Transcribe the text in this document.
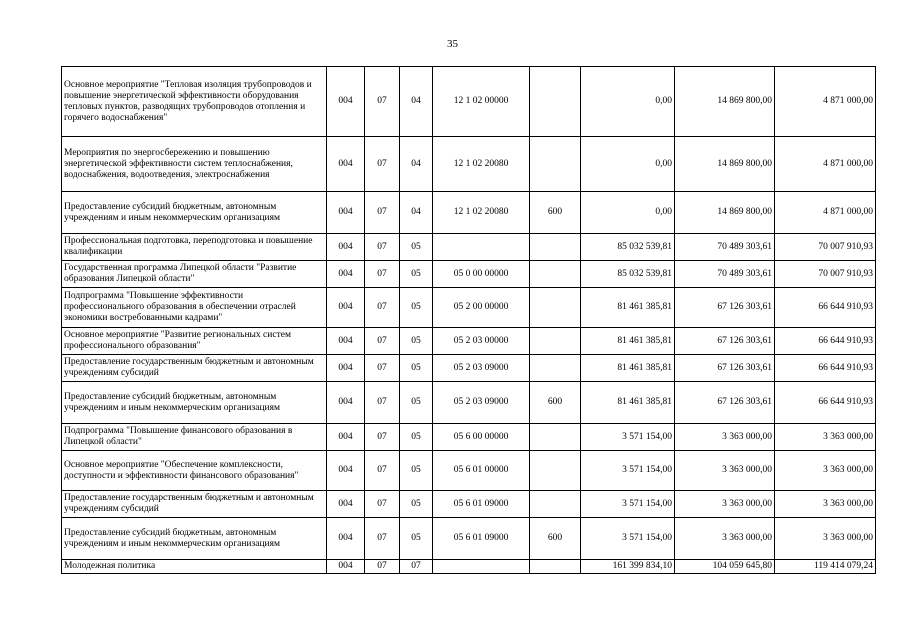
35
Основное мероприятие "Тепловая изоляция трубопроводов и повышение энергетической эффективности оборудования тепловых пунктов, разводящих трубопроводов отопления и горячего водоснабжения"	004	07	04	12 1 02 00000		0,00	14 869 800,00	4 871 000,00
Мероприятия по энергосбережению и повышению энергетической эффективности систем теплоснабжения, водоснабжения, водоотведения, электроснабжения	004	07	04	12 1 02 20080		0,00	14 869 800,00	4 871 000,00
Предоставление субсидий бюджетным, автономным учреждениям и иным некоммерческим организациям	004	07	04	12 1 02 20080	600	0,00	14 869 800,00	4 871 000,00
Профессиональная подготовка, переподготовка и повышение квалификации	004	07	05			85 032 539,81	70 489 303,61	70 007 910,93
Государственная программа Липецкой области "Развитие образования Липецкой области"	004	07	05	05 0 00 00000		85 032 539,81	70 489 303,61	70 007 910,93
Подпрограмма "Повышение эффективности профессионального образования в обеспечении отраслей экономики востребованными кадрами"	004	07	05	05 2 00 00000		81 461 385,81	67 126 303,61	66 644 910,93
Основное мероприятие "Развитие региональных систем профессионального образования"	004	07	05	05 2 03 00000		81 461 385,81	67 126 303,61	66 644 910,93
Предоставление государственным бюджетным и автономным учреждениям субсидий	004	07	05	05 2 03 09000		81 461 385,81	67 126 303,61	66 644 910,93
Предоставление субсидий бюджетным, автономным учреждениям и иным некоммерческим организациям	004	07	05	05 2 03 09000	600	81 461 385,81	67 126 303,61	66 644 910,93
Подпрограмма "Повышение финансового образования в Липецкой области"	004	07	05	05 6 00 00000		3 571 154,00	3 363 000,00	3 363 000,00
Основное мероприятие "Обеспечение комплексности, доступности и эффективности финансового образования"	004	07	05	05 6 01 00000		3 571 154,00	3 363 000,00	3 363 000,00
Предоставление государственным бюджетным и автономным учреждениям субсидий	004	07	05	05 6 01 09000		3 571 154,00	3 363 000,00	3 363 000,00
Предоставление субсидий бюджетным, автономным учреждениям и иным некоммерческим организациям	004	07	05	05 6 01 09000	600	3 571 154,00	3 363 000,00	3 363 000,00
Молодежная политика	004	07	07			161 399 834,10	104 059 645,80	119 414 079,24
